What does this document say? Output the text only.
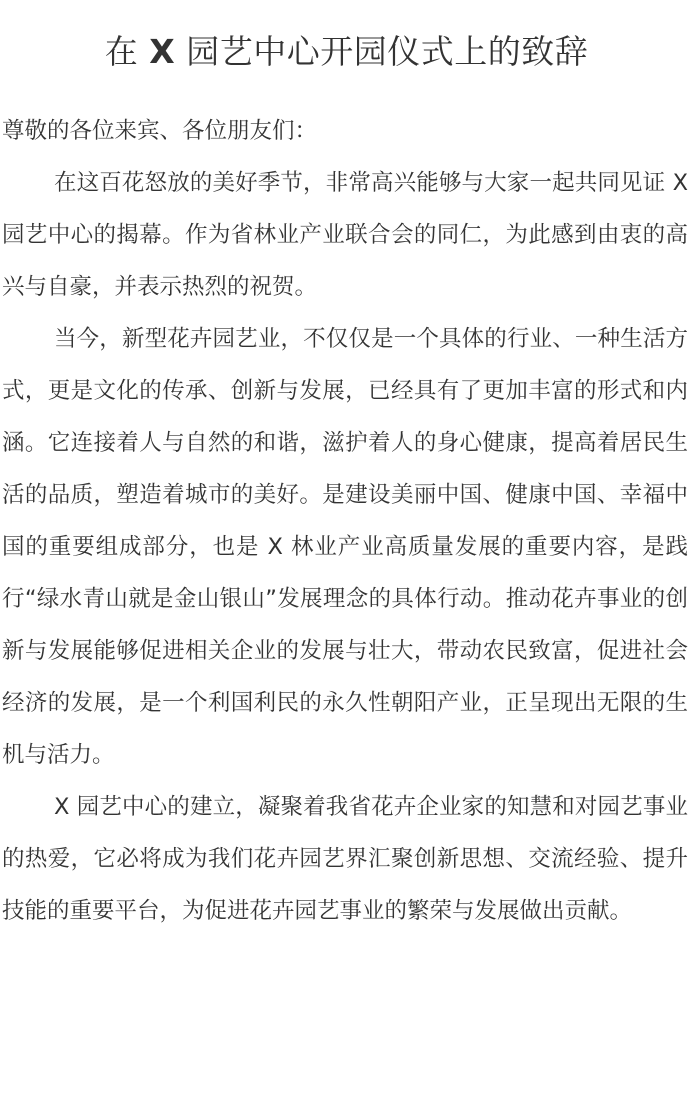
在 X 园艺中心开园仪式上的致辞

尊敬的各位来宾、各位朋友们：

在这百花怒放的美好季节，非常高兴能够与大家一起共同见证 X 园艺中心的揭幕。作为省林业产业联合会的同仁，为此感到由衷的高兴与自豪，并表示热烈的祝贺。

当今，新型花卉园艺业，不仅仅是一个具体的行业、一种生活方式，更是文化的传承、创新与发展，已经具有了更加丰富的形式和内涵。它连接着人与自然的和谐，滋护着人的身心健康，提高着居民生活的品质，塑造着城市的美好。是建设美丽中国、健康中国、幸福中国的重要组成部分，也是 X 林业产业高质量发展的重要内容，是践行“绿水青山就是金山银山”发展理念的具体行动。推动花卉事业的创新与发展能够促进相关企业的发展与壮大，带动农民致富，促进社会经济的发展，是一个利国利民的永久性朝阳产业，正呈现出无限的生机与活力。

X 园艺中心的建立，凝聚着我省花卉企业家的知慧和对园艺事业的热爱，它必将成为我们花卉园艺界汇聚创新思想、交流经验、提升技能的重要平台，为促进花卉园艺事业的繁荣与发展做出贡献。
